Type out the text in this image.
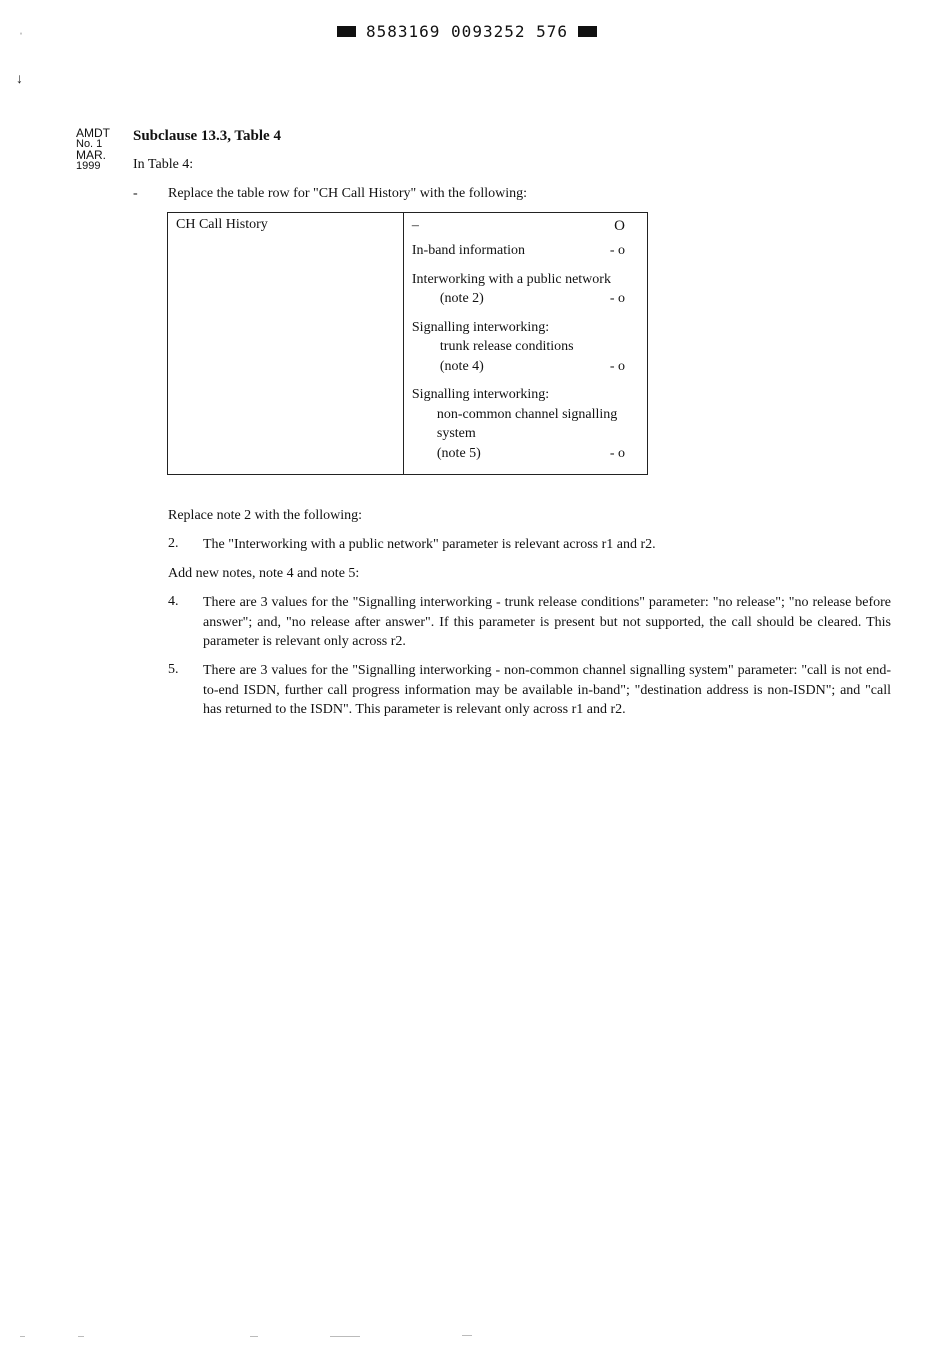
8583169 0093252 576
ˈ
↓
AMDT
No. 1
MAR.
1999
Subclause 13.3, Table 4
In Table 4:
- Replace the table row for "CH Call History" with the following:
CH Call History	–	O
In-band information	- o
Interworking with a public network
(note 2)	- o
Signalling interworking:
trunk release conditions
(note 4)	- o
Signalling interworking:
non-common channel signalling
system
(note 5)	- o
Replace note 2 with the following:
2. The "Interworking with a public network" parameter is relevant across r1 and r2.
Add new notes, note 4 and note 5:
4. There are 3 values for the "Signalling interworking - trunk release conditions" parameter: "no release"; "no release before answer"; and, "no release after answer". If this parameter is present but not supported, the call should be cleared. This parameter is relevant only across r2.
5. There are 3 values for the "Signalling interworking - non-common channel signalling system" parameter: "call is not end-to-end ISDN, further call progress information may be available in-band"; "destination address is non-ISDN"; and "call has returned to the ISDN". This parameter is relevant only across r1 and r2.
